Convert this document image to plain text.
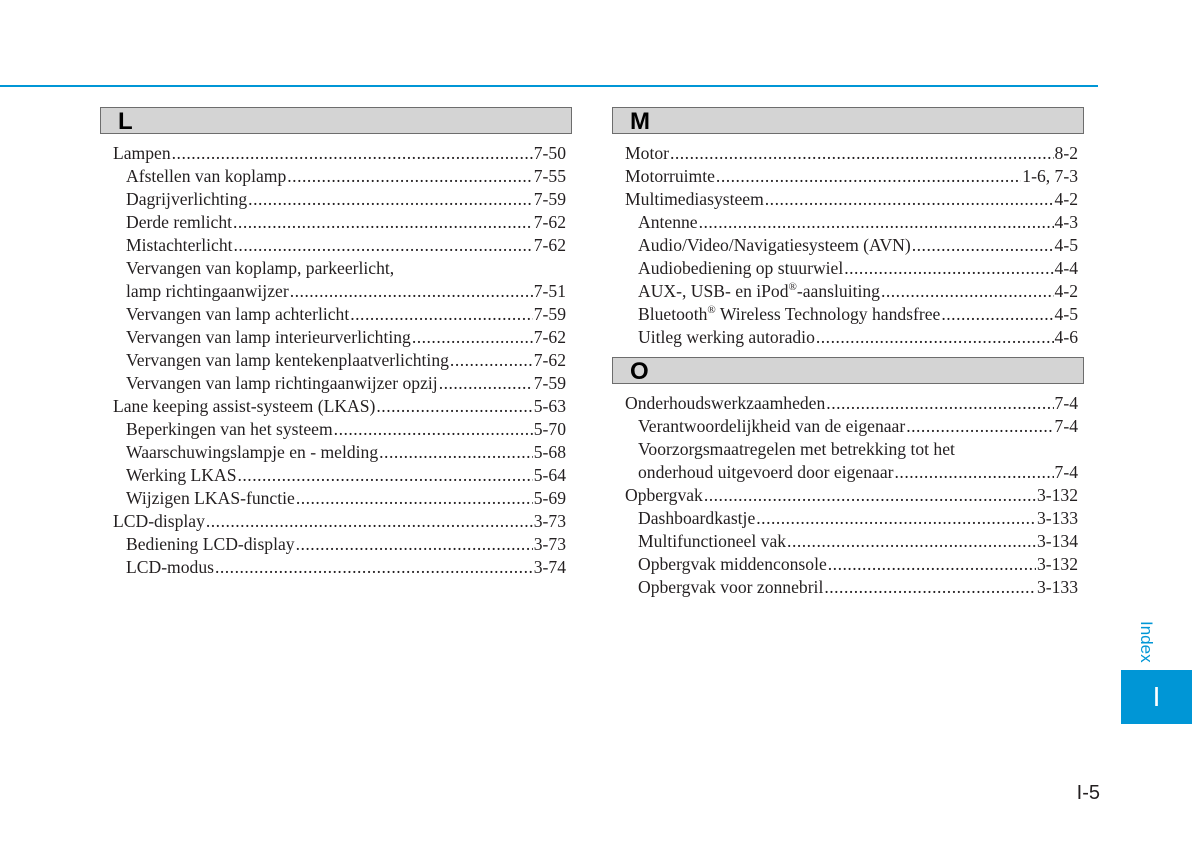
L
Lampen .....	7-50
Afstellen van koplamp .....	7-55
Dagrijverlichting .....	7-59
Derde remlicht .....	7-62
Mistachterlicht .....	7-62
Vervangen van koplamp, parkeerlicht,
lamp richtingaanwijzer .....	7-51
Vervangen van lamp achterlicht .....	7-59
Vervangen van lamp interieurverlichting .....	7-62
Vervangen van lamp kentekenplaatverlichting .....	7-62
Vervangen van lamp richtingaanwijzer opzij .....	7-59
Lane keeping assist-systeem (LKAS) .....	5-63
Beperkingen van het systeem .....	5-70
Waarschuwingslampje en - melding .....	5-68
Werking LKAS .....	5-64
Wijzigen LKAS-functie .....	5-69
LCD-display .....	3-73
Bediening LCD-display .....	3-73
LCD-modus .....	3-74
M
Motor .....	8-2
Motorruimte .....	1-6, 7-3
Multimediasysteem .....	4-2
Antenne .....	4-3
Audio/Video/Navigatiesysteem (AVN) .....	4-5
Audiobediening op stuurwiel .....	4-4
AUX-, USB- en iPod®-aansluiting .....	4-2
Bluetooth® Wireless Technology handsfree .....	4-5
Uitleg werking autoradio .....	4-6
O
Onderhoudswerkzaamheden .....	7-4
Verantwoordelijkheid van de eigenaar .....	7-4
Voorzorgsmaatregelen met betrekking tot het
onderhoud uitgevoerd door eigenaar .....	7-4
Opbergvak .....	3-132
Dashboardkastje .....	3-133
Multifunctioneel vak .....	3-134
Opbergvak middenconsole .....	3-132
Opbergvak voor zonnebril .....	3-133
Index
I
I-5
